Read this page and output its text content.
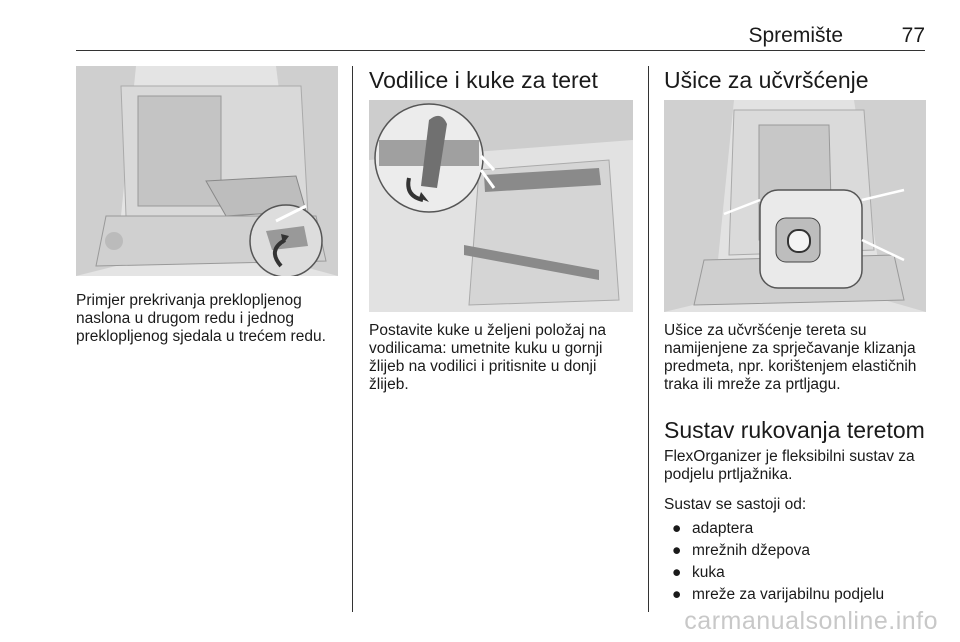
Spremište	77

Primjer prekrivanja preklopljenog naslona u drugom redu i jednog preklopljenog sjedala u trećem redu.

Vodilice i kuke za teret

Postavite kuke u željeni položaj na vodilicama: umetnite kuku u gornji žlijeb na vodilici i pritisnite u donji žlijeb.

Ušice za učvršćenje

Ušice za učvršćenje tereta su namijenjene za sprječavanje klizanja predmeta, npr. korištenjem elastičnih traka ili mreže za prtljagu.

Sustav rukovanja teretom

FlexOrganizer je fleksibilni sustav za podjelu prtljažnika.

Sustav se sastoji od:

● adaptera
● mrežnih džepova
● kuka
● mreže za varijabilnu podjelu
carmanualsonline.info
